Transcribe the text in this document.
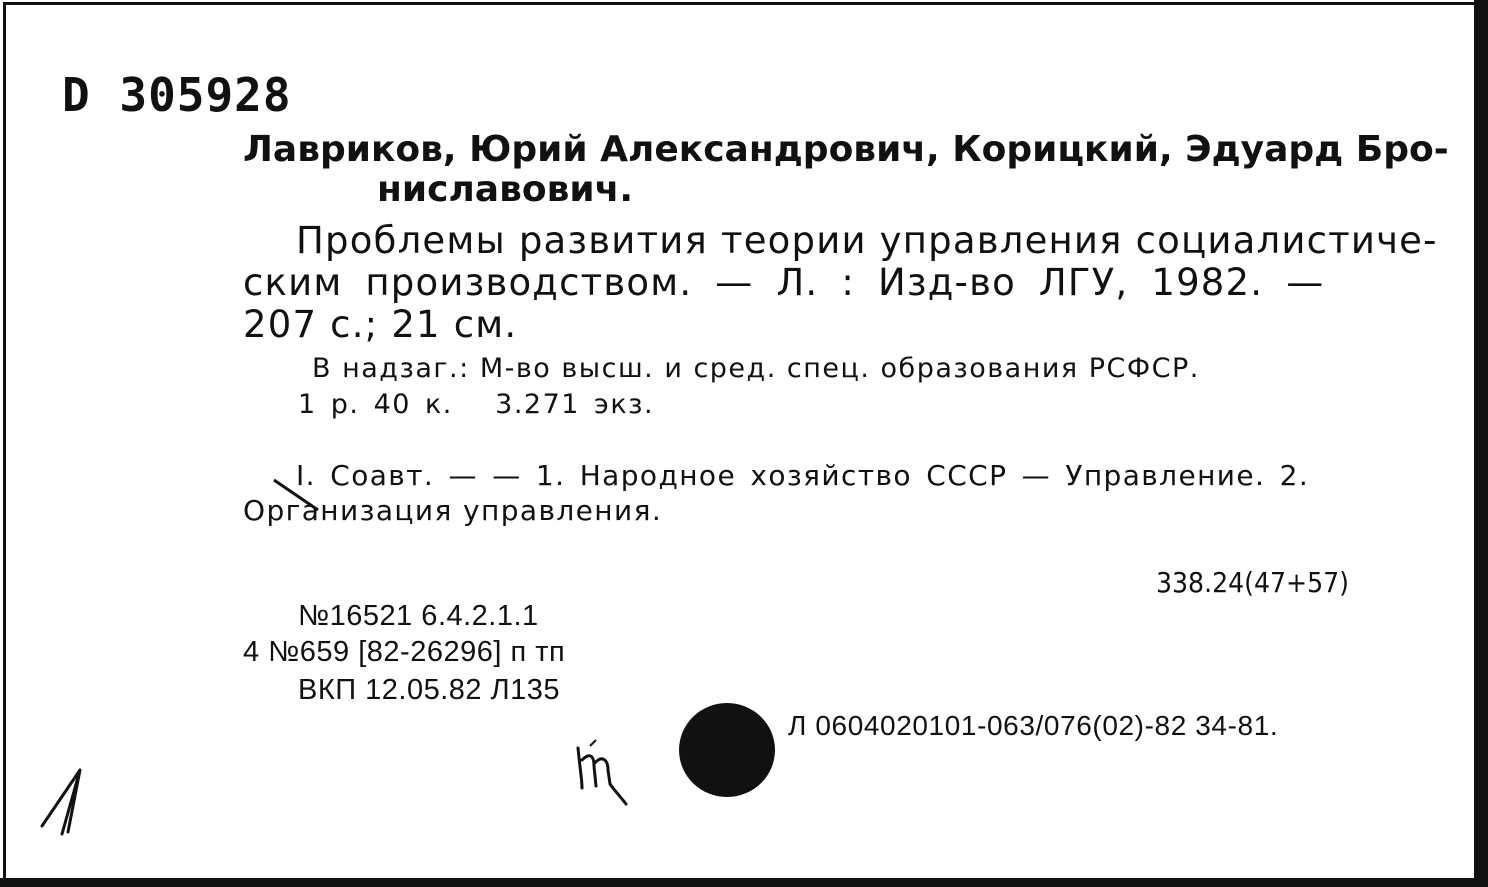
D 305928
Лавриков, Юрий Александрович, Корицкий, Эдуард Бро-
ниславович.
Проблемы развития теории управления социалистиче-
ским производством. — Л. : Изд-во ЛГУ, 1982. —
207 с.; 21 см.
В надзаг.: М-во высш. и сред. спец. образования РСФСР.
1 р. 40 к.   3.271 экз.
I. Соавт. — — 1. Народное хозяйство СССР — Управление. 2.
Организация управления.
338.24(47+57)
№16521 6.4.2.1.1
4 №659 [82-26296] п тп
ВКП 12.05.82 Л135
Л 0604020101-063/076(02)-82 34-81.
